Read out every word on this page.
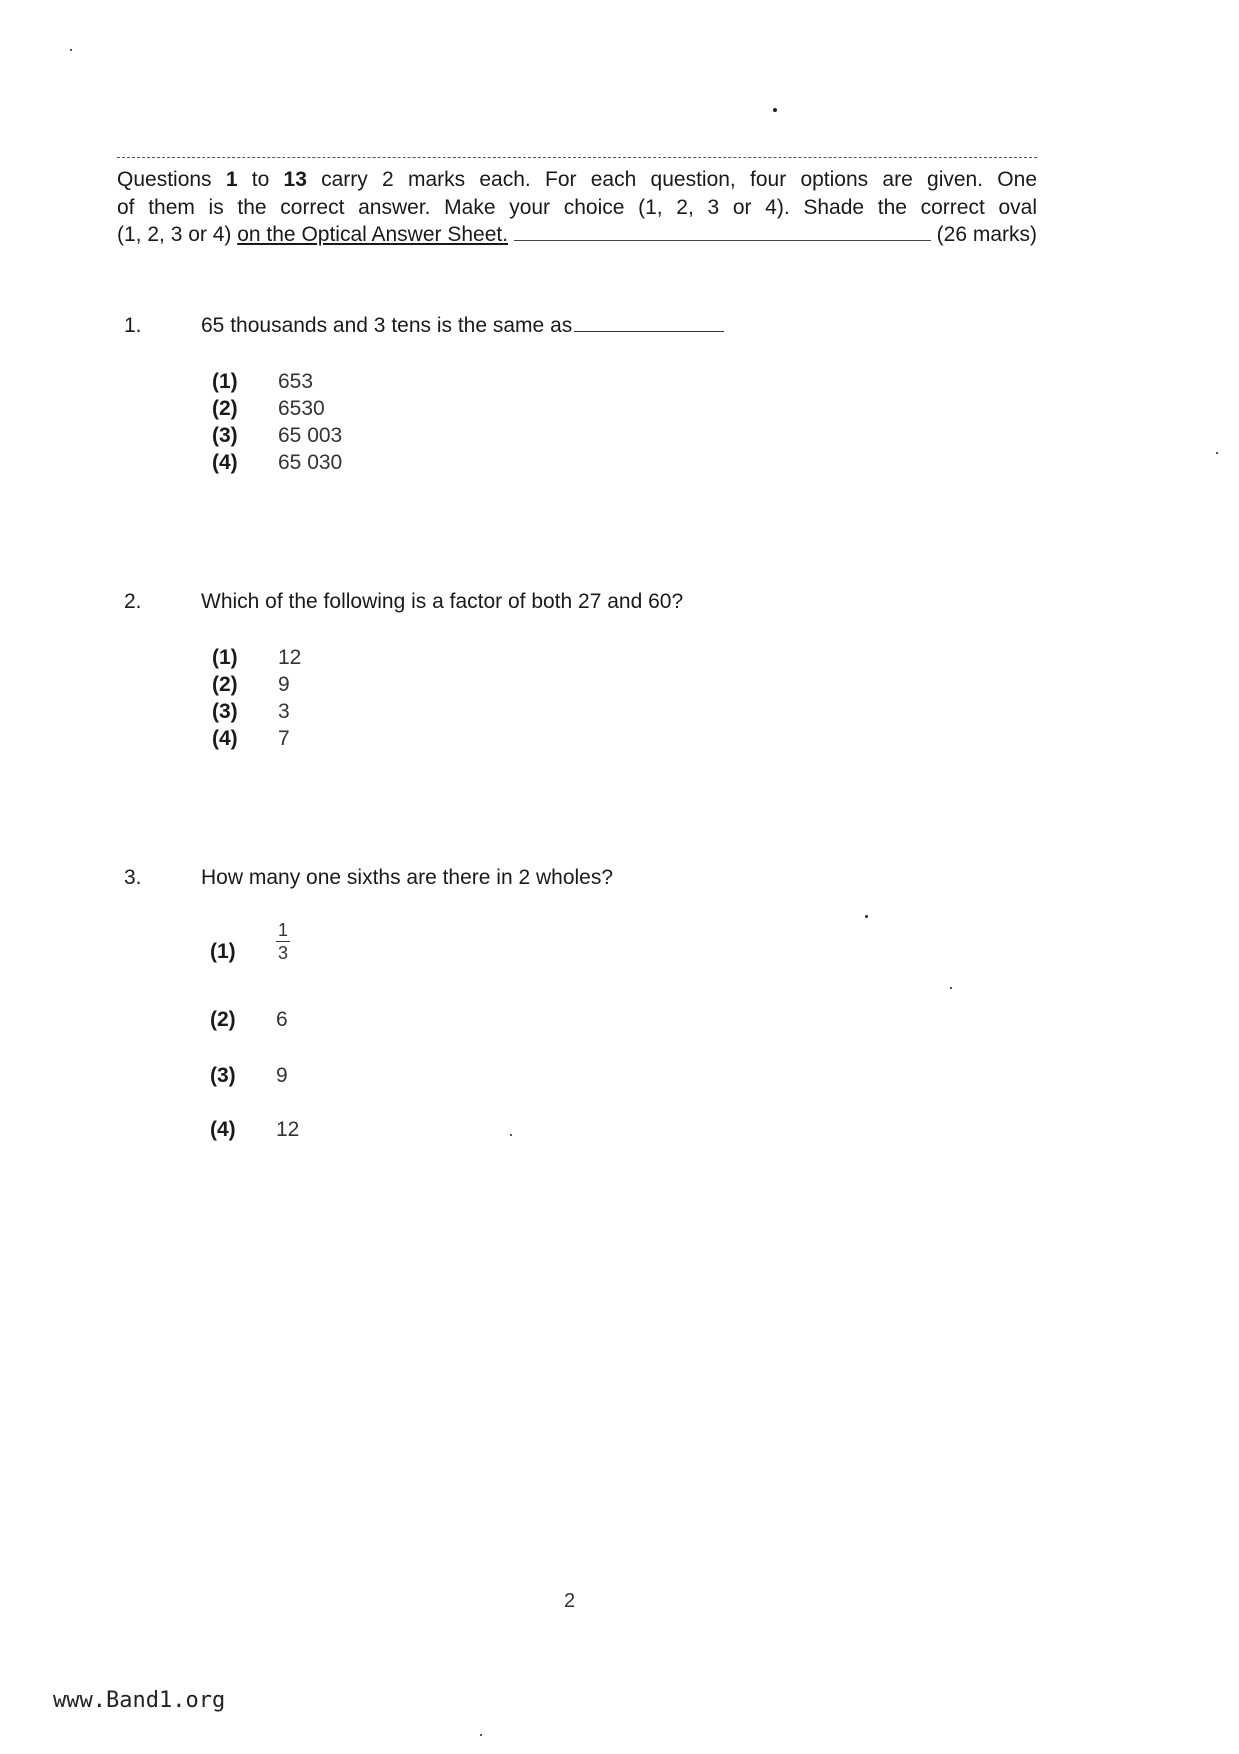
Questions 1 to 13 carry 2 marks each. For each question, four options are given. One

of them is the correct answer. Make your choice (1, 2, 3 or 4). Shade the correct oval

(1, 2, 3 or 4) on the Optical Answer Sheet.	(26 marks)

1.	65 thousands and 3 tens is the same as
(1) 653
(2) 6530
(3) 65 003
(4) 65 030
2.	Which of the following is a factor of both 27 and 60?
(1) 12
(2) 9
(3) 3
(4) 7
3.	How many one sixths are there in 2 wholes?
(1)
1
3
(2) 6
(3) 9
(4) 12
2
www.Band1.org
